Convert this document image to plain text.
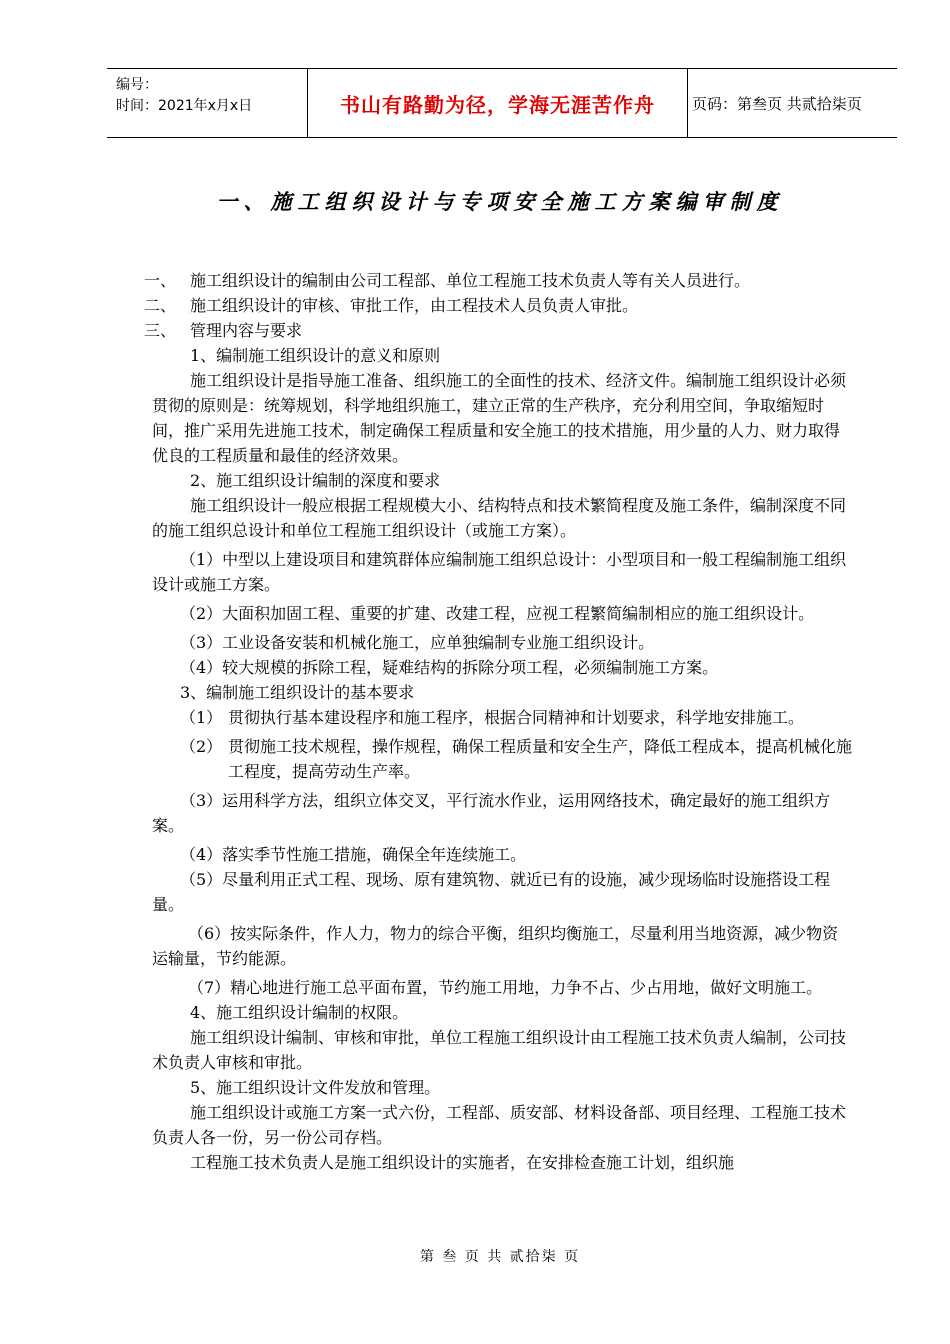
编号：
时间：2021年x月x日	书山有路勤为径，学海无涯苦作舟	页码：第叁页 共贰拾柒页
一、施工组织设计与专项安全施工方案编审制度

一、 施工组织设计的编制由公司工程部、单位工程施工技术负责人等有关人员进行。

二、 施工组织设计的审核、审批工作，由工程技术人员负责人审批。

三、 管理内容与要求

1、编制施工组织设计的意义和原则

施工组织设计是指导施工准备、组织施工的全面性的技术、经济文件。编制施工组织设计必须贯彻的原则是：统筹规划，科学地组织施工，建立正常的生产秩序，充分利用空间，争取缩短时间，推广采用先进施工技术，制定确保工程质量和安全施工的技术措施，用少量的人力、财力取得优良的工程质量和最佳的经济效果。

2、施工组织设计编制的深度和要求

施工组织设计一般应根据工程规模大小、结构特点和技术繁简程度及施工条件，编制深度不同的施工组织总设计和单位工程施工组织设计（或施工方案）。

（1）中型以上建设项目和建筑群体应编制施工组织总设计：小型项目和一般工程编制施工组织设计或施工方案。

（2）大面积加固工程、重要的扩建、改建工程，应视工程繁简编制相应的施工组织设计。

（3）工业设备安装和机械化施工，应单独编制专业施工组织设计。

（4）较大规模的拆除工程，疑难结构的拆除分项工程，必须编制施工方案。

3、编制施工组织设计的基本要求

（1） 贯彻执行基本建设程序和施工程序，根据合同精神和计划要求，科学地安排施工。

（2） 贯彻施工技术规程，操作规程，确保工程质量和安全生产，降低工程成本，提高机械化施工程度，提高劳动生产率。

（3）运用科学方法，组织立体交叉，平行流水作业，运用网络技术，确定最好的施工组织方案。

（4）落实季节性施工措施，确保全年连续施工。

（5）尽量利用正式工程、现场、原有建筑物、就近已有的设施，减少现场临时设施搭设工程量。

（6）按实际条件，作人力，物力的综合平衡，组织均衡施工，尽量利用当地资源，减少物资运输量，节约能源。

（7）精心地进行施工总平面布置，节约施工用地，力争不占、少占用地，做好文明施工。

4、施工组织设计编制的权限。

施工组织设计编制、审核和审批，单位工程施工组织设计由工程施工技术负责人编制，公司技术负责人审核和审批。

5、施工组织设计文件发放和管理。

施工组织设计或施工方案一式六份，工程部、质安部、材料设备部、项目经理、工程施工技术负责人各一份，另一份公司存档。

工程施工技术负责人是施工组织设计的实施者，在安排检查施工计划，组织施

第 叁 页 共 贰拾柒 页
